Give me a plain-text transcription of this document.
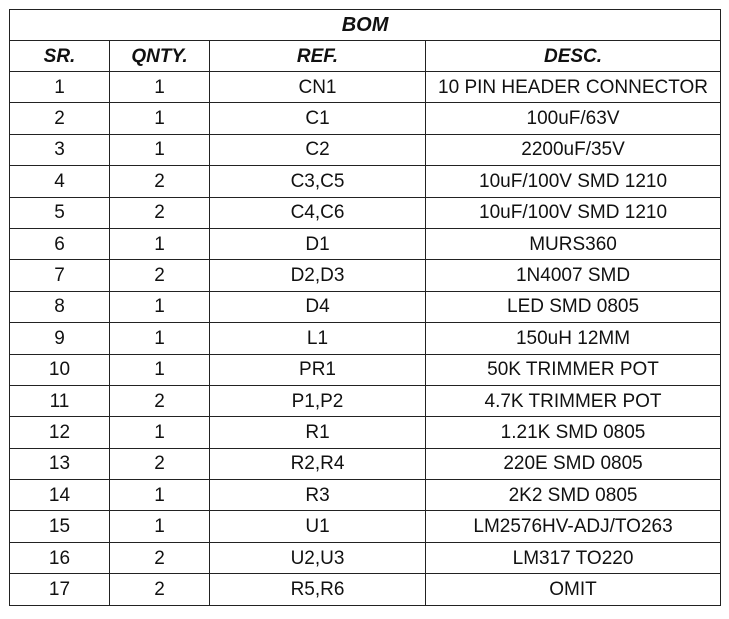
BOM			
SR.	QNTY.	REF.	DESC.
1	1	CN1	10 PIN HEADER CONNECTOR
2	1	C1	100uF/63V
3	1	C2	2200uF/35V
4	2	C3,C5	10uF/100V SMD 1210
5	2	C4,C6	10uF/100V SMD 1210
6	1	D1	MURS360
7	2	D2,D3	1N4007 SMD
8	1	D4	LED SMD 0805
9	1	L1	150uH 12MM
10	1	PR1	50K TRIMMER POT
11	2	P1,P2	4.7K TRIMMER POT
12	1	R1	1.21K SMD 0805
13	2	R2,R4	220E SMD 0805
14	1	R3	2K2 SMD 0805
15	1	U1	LM2576HV-ADJ/TO263
16	2	U2,U3	LM317 TO220
17	2	R5,R6	OMIT
